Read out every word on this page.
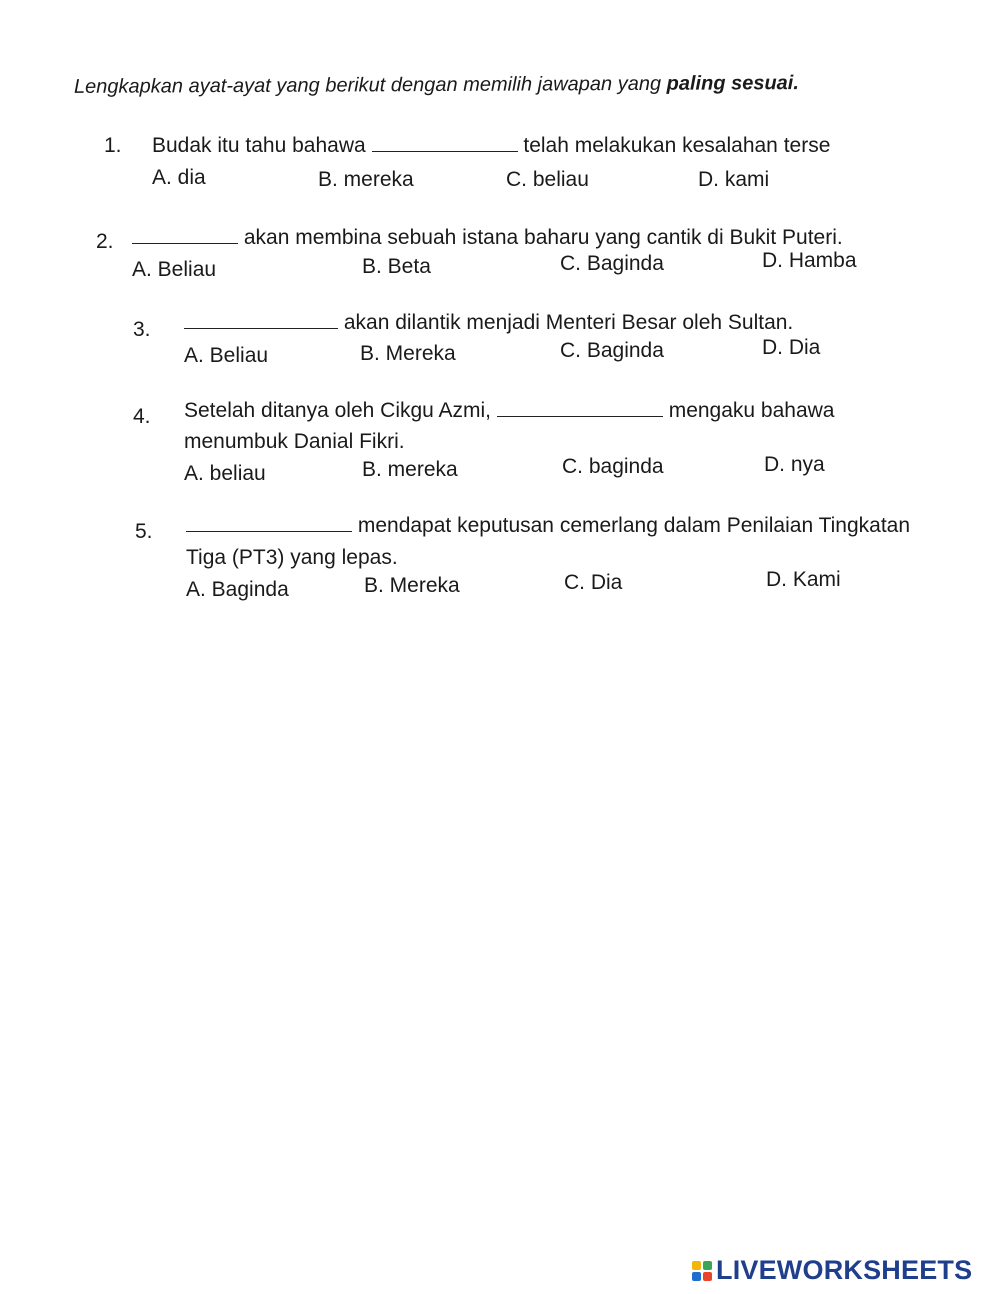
Lengkapkan ayat-ayat yang berikut dengan memilih jawapan yang paling sesuai.
1. Budak itu tahu bahawa	telah melakukan kesalahan terse
A. dia	B. mereka	C. beliau	D. kami
2.	akan membina sebuah istana baharu yang cantik di Bukit Puteri.
A. Beliau	B. Beta	C. Baginda	D. Hamba
3.	akan dilantik menjadi Menteri Besar oleh Sultan.
A. Beliau	B. Mereka	C. Baginda	D. Dia
4. Setelah ditanya oleh Cikgu Azmi,	mengaku bahawa
menumbuk Danial Fikri.
A. beliau	B. mereka	C. baginda	D. nya
5.	mendapat keputusan cemerlang dalam Penilaian Tingkatan
Tiga (PT3) yang lepas.
A. Baginda	B. Mereka	C. Dia	D. Kami
LIVEWORKSHEETS
